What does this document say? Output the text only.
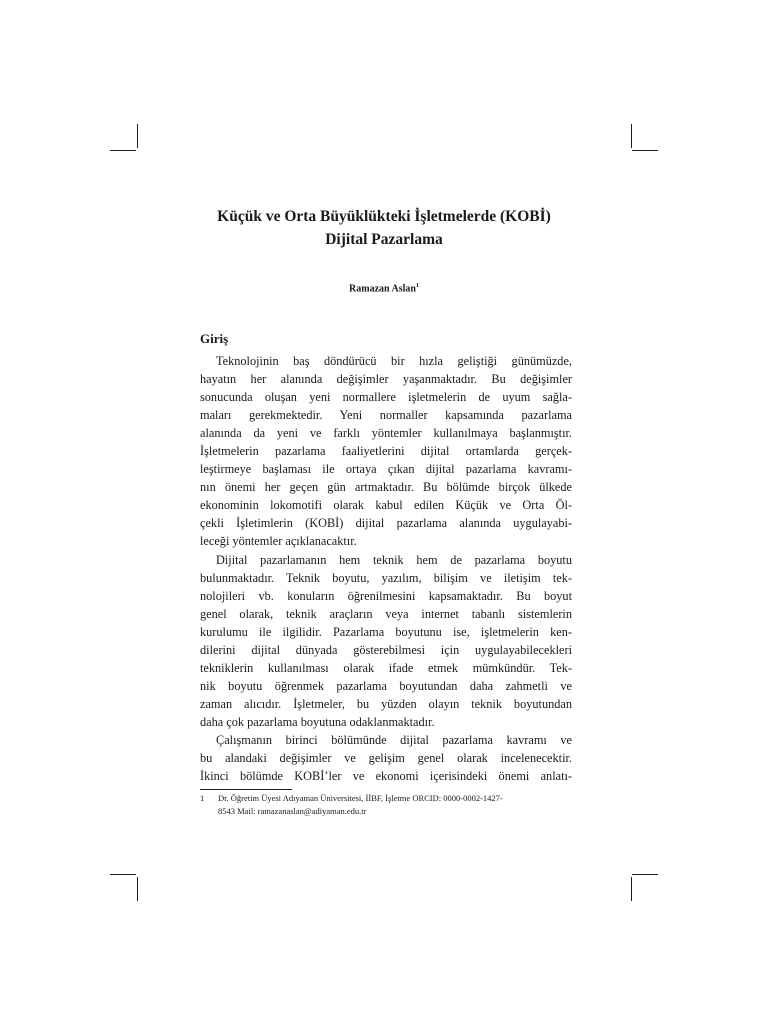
Küçük ve Orta Büyüklükteki İşletmelerde (KOBİ)
Dijital Pazarlama

Ramazan Aslan$^1$

Giriş
Teknolojinin baş döndürücü bir hızla geliştiği günümüzde,
hayatın her alanında değişimler yaşanmaktadır. Bu değişimler
sonucunda oluşan yeni normallere işletmelerin de uyum sağla-
maları gerekmektedir. Yeni normaller kapsamında pazarlama
alanında da yeni ve farklı yöntemler kullanılmaya başlanmıştır.
İşletmelerin pazarlama faaliyetlerini dijital ortamlarda gerçek-
leştirmeye başlaması ile ortaya çıkan dijital pazarlama kavramı-
nın önemi her geçen gün artmaktadır. Bu bölümde birçok ülkede
ekonominin lokomotifi olarak kabul edilen Küçük ve Orta Öl-
çekli İşletimlerin (KOBİ) dijital pazarlama alanında uygulayabi-
leceği yöntemler açıklanacaktır.
Dijital pazarlamanın hem teknik hem de pazarlama boyutu
bulunmaktadır. Teknik boyutu, yazılım, bilişim ve iletişim tek-
nolojileri vb. konuların öğrenilmesini kapsamaktadır. Bu boyut
genel olarak, teknik araçların veya internet tabanlı sistemlerin
kurulumu ile ilgilidir. Pazarlama boyutunu ise, işletmelerin ken-
dilerini dijital dünyada gösterebilmesi için uygulayabilecekleri
tekniklerin kullanılması olarak ifade etmek mümkündür. Tek-
nik boyutu öğrenmek pazarlama boyutundan daha zahmetli ve
zaman alıcıdır. İşletmeler, bu yüzden olayın teknik boyutundan
daha çok pazarlama boyutuna odaklanmaktadır.
Çalışmanın birinci bölümünde dijital pazarlama kavramı ve
bu alandaki değişimler ve gelişim genel olarak incelenecektir.
İkinci bölümde KOBİ’ler ve ekonomi içerisindeki önemi anlatı-
1 Dr. Öğretim Üyesi Adıyaman Üniversitesi, İİBF, İşletme ORCID: 0000-0002-1427-
8543 Mail: ramazanaslan@adiyaman.edu.tr
